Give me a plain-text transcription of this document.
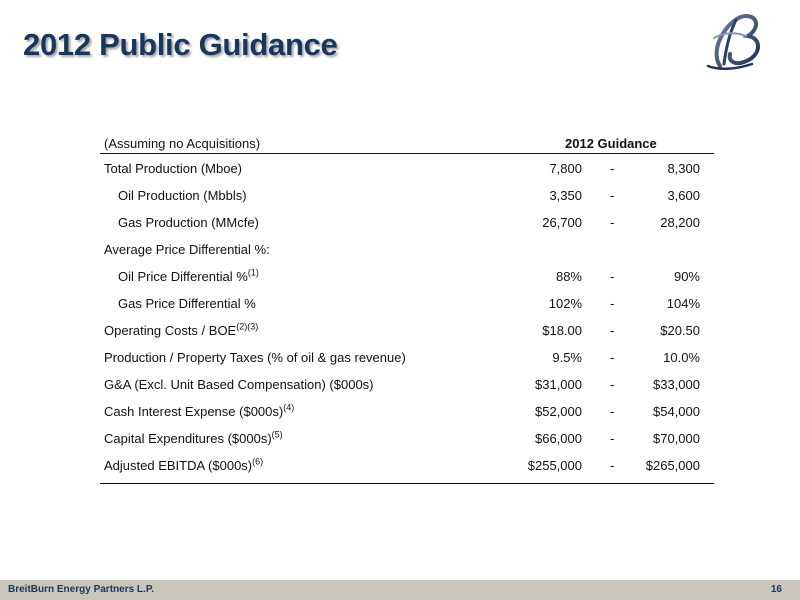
2012 Public Guidance
(Assuming no Acquisitions)	2012 Guidance
Total Production (Mboe)	7,800 -	8,300
Oil Production (Mbbls)	3,350 -	3,600
Gas Production (MMcfe)	26,700 -	28,200
Average Price Differential %:
Oil Price Differential %$^{(1)}$	88% -	90%
Gas Price Differential %	102% -	104%
Operating Costs / $BOE^{(2)(3)}$	$18.00 -	$20.50
Production / Property Taxes (% of oil & gas revenue)	9.5% -	10.0%
G&A (Excl. Unit Based Compensation) ($000s)	$31,000 -	$33,000
Cash Interest Expense ($000s)$^{(4)}$	$52,000 -	$54,000
Capital Expenditures ($000s)$^{(5)}$	$66,000 -	$70,000
Adjusted EBITDA ($000s)$^{(6)}$	$255,000 - $265,000
BreitBurn Energy Partners L.P.	16
